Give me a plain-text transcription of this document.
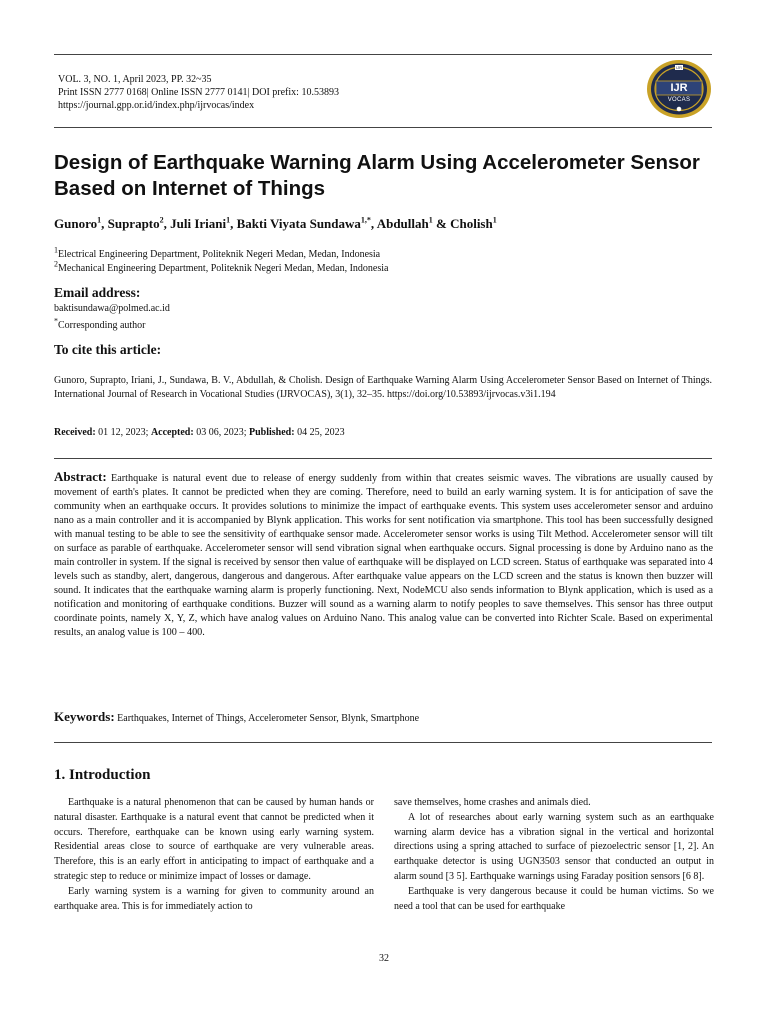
VOL. 3, NO. 1, April 2023, PP. 32~35
Print ISSN 2777 0168| Online ISSN 2777 0141| DOI prefix: 10.53893
https://journal.gpp.or.id/index.php/ijrvocas/index
IJR
IJR
VOCAS
Design of Earthquake Warning Alarm Using Accelerometer Sensor Based on Internet of Things
Gunoro$^1$, Suprapto$^2$, Juli Iriani$^1$, Bakti Viyata Sundawa$^{1,*}$, Abdullah$^1$ & Cholish$^1$
$^1$Electrical Engineering Department, Politeknik Negeri Medan, Medan, Indonesia
$^2$Mechanical Engineering Department, Politeknik Negeri Medan, Medan, Indonesia
Email address:
baktisundawa@polmed.ac.id
*Corresponding author
To cite this article:
Gunoro, Suprapto, Iriani, J., Sundawa, B. V., Abdullah, & Cholish. Design of Earthquake Warning Alarm Using Accelerometer Sensor Based on Internet of Things. International Journal of Research in Vocational Studies (IJRVOCAS), 3(1), 32–35. https://doi.org/10.53893/ijrvocas.v3i1.194
Received: 01 12, 2023; Accepted: 03 06, 2023; Published: 04 25, 2023

Abstract: Earthquake is natural event due to release of energy suddenly from within that creates seismic waves. The vibrations are usually caused by movement of earth's plates. It cannot be predicted when they are coming. Therefore, need to build an early warning system. It is for anticipation of save the community when an earthquake occurs. It provides solutions to minimize the impact of earthquake events. This system uses accelerometer sensor and arduino nano as a main controller and it is accompanied by Blynk application. This works for sent notification via smartphone. This tool has been successfully designed with manual testing to be able to see the sensitivity of earthquake sensor made. Accelerometer sensor works is using Tilt Method. Accelerometer sensor will tilt on surface as parable of earthquake. Accelerometer sensor will send vibration signal when earthquake occurs. Signal processing is done by Arduino nano as the main controller in system. If the signal is received by sensor then value of earthquake will be displayed on LCD screen. Status of earthquake was separated into 4 levels such as standby, alert, dangerous, dangerous and dangerous. After earthquake value appears on the LCD screen and the status is known then buzzer will sound. It indicates that the earthquake warning alarm is properly functioning. Next, NodeMCU also sends information to Blynk application, which is used as a notification and monitoring of earthquake conditions. Buzzer will sound as a warning alarm to notify peoples to save themselves. This sensor has three output coordinate points, namely X, Y, Z, which have analog values on Arduino Nano. This analog value can be converted into Richter Scale. Based on experimental results, an analog value is 100 – 400.

Keywords: Earthquakes, Internet of Things, Accelerometer Sensor, Blynk, Smartphone
1. Introduction

Earthquake is a natural phenomenon that can be caused by human hands or natural disaster. Earthquake is a natural event that cannot be predicted when it occurs. Therefore, earthquake can be known using early warning system. Residential areas close to source of earthquake are very vulnerable areas. Therefore, this is an early effort in anticipating to impact of earthquake and a strategic step to reduce or minimize impact of losses or damage.

Early warning system is a warning for given to community around an earthquake area. This is for immediately action to

save themselves, home crashes and animals died.

A lot of researches about early warning system such as an earthquake warning alarm device has a vibration signal in the vertical and horizontal directions using a spring attached to surface of piezoelectric sensor [1, 2]. An earthquake detector is using UGN3503 sensor that conducted an output in alarm sound [3 5]. Earthquake warnings using Faraday position sensors [6 8].

Earthquake is very dangerous because it could be human victims. So we need a tool that can be used for earthquake

32
